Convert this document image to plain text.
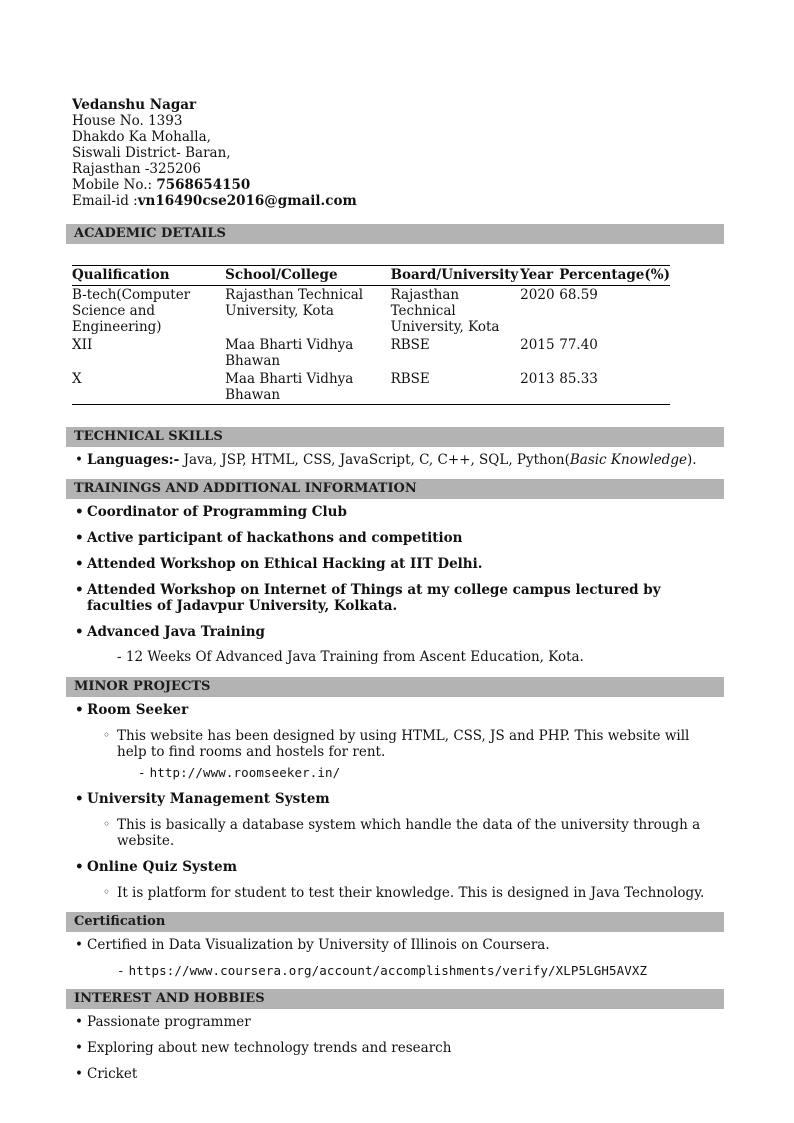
Vedanshu Nagar
House No. 1393
Dhakdo Ka Mohalla,
Siswali District- Baran,
Rajasthan -325206
Mobile No.: 7568654150
Email-id :vn16490cse2016@gmail.com
ACADEMIC DETAILS
Qualification	School/College	Board/University	Year	Percentage(%)
B-tech(Computer Science and Engineering)	Rajasthan Technical University, Kota	Rajasthan Technical University, Kota	2020	68.59
XII	Maa Bharti Vidhya Bhawan	RBSE	2015	77.40
X	Maa Bharti Vidhya Bhawan	RBSE	2013	85.33
TECHNICAL SKILLS
• Languages:- Java, JSP, HTML, CSS, JavaScript, C, C++, SQL, Python(Basic Knowledge).
TRAININGS AND ADDITIONAL INFORMATION
• Coordinator of Programming Club
• Active participant of hackathons and competition
• Attended Workshop on Ethical Hacking at IIT Delhi.
• Attended Workshop on Internet of Things at my college campus lectured by faculties of Jadavpur University, Kolkata.
• Advanced Java Training
- 12 Weeks Of Advanced Java Training from Ascent Education, Kota.
MINOR PROJECTS
• Room Seeker
◦ This website has been designed by using HTML, CSS, JS and PHP. This website will help to find rooms and hostels for rent.
- http://www.roomseeker.in/
• University Management System
◦ This is basically a database system which handle the data of the university through a website.
• Online Quiz System
◦ It is platform for student to test their knowledge. This is designed in Java Technology.
Certification
• Certified in Data Visualization by University of Illinois on Coursera.
- https://www.coursera.org/account/accomplishments/verify/XLP5LGH5AVXZ
INTEREST AND HOBBIES
• Passionate programmer
• Exploring about new technology trends and research
• Cricket
